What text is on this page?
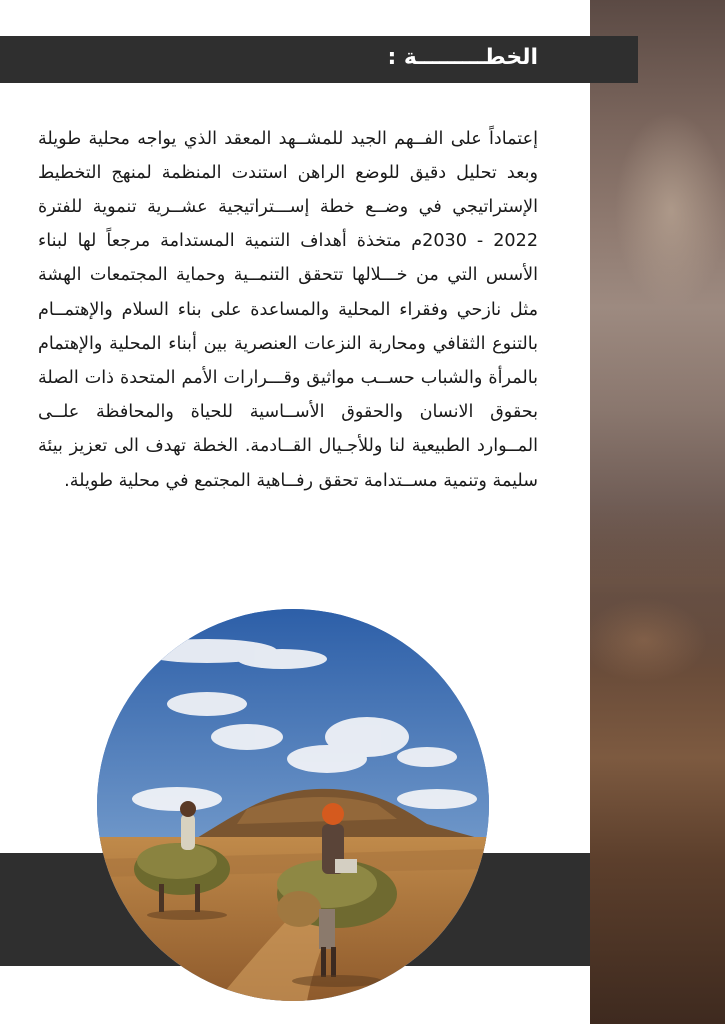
الخطـــــــــة :

إعتماداً على الفــهم الجيد للمشــهد المعقد الذي يواجه محلية طويلة وبعد تحليل دقيق للوضع الراهن استندت المنظمة لمنهج التخطيط الإستراتيجي في وضــع خطة إســـتراتيجية عشــرية تنموية للفترة 2022 - 2030م متخذة أهداف التنمية المستدامة مرجعاً لها لبناء الأسس التي من خـــلالها تتحقق التنمــية وحماية المجتمعات الهشة مثل نازحي وفقراء المحلية والمساعدة على بناء السلام والإهتمــام بالتنوع الثقافي ومحاربة النزعات العنصرية بين أبناء المحلية والإهتمام بالمرأة والشباب حســب مواثيق وقـــرارات الأمم المتحدة ذات الصلة بحقوق الانسان والحقوق الأســاسية للحياة والمحافظة علــى المــوارد الطبيعية لنا وللأجـيال القــادمة. الخطة تهدف الى تعزيز بيئة سليمة وتنمية مســتدامة تحقق رفــاهية المجتمع في محلية طويلة.
